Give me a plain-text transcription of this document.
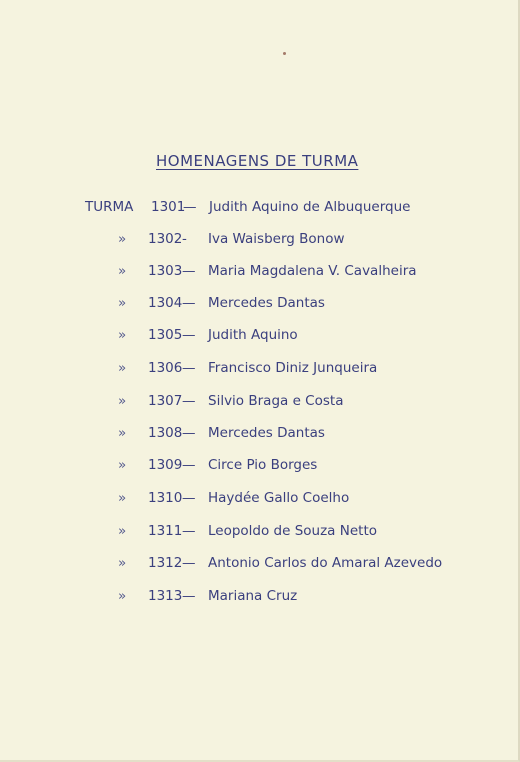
HOMENAGENS DE TURMA
TURMA 1301— Judith Aquino de Albuquerque
» 1302- Iva Waisberg Bonow
» 1303— Maria Magdalena V. Cavalheira
» 1304— Mercedes Dantas
» 1305— Judith Aquino
» 1306— Francisco Diniz Junqueira
» 1307— Silvio Braga e Costa
» 1308— Mercedes Dantas
» 1309— Circe Pio Borges
» 1310— Haydée Gallo Coelho
» 1311— Leopoldo de Souza Netto
» 1312— Antonio Carlos do Amaral Azevedo
» 1313— Mariana Cruz
